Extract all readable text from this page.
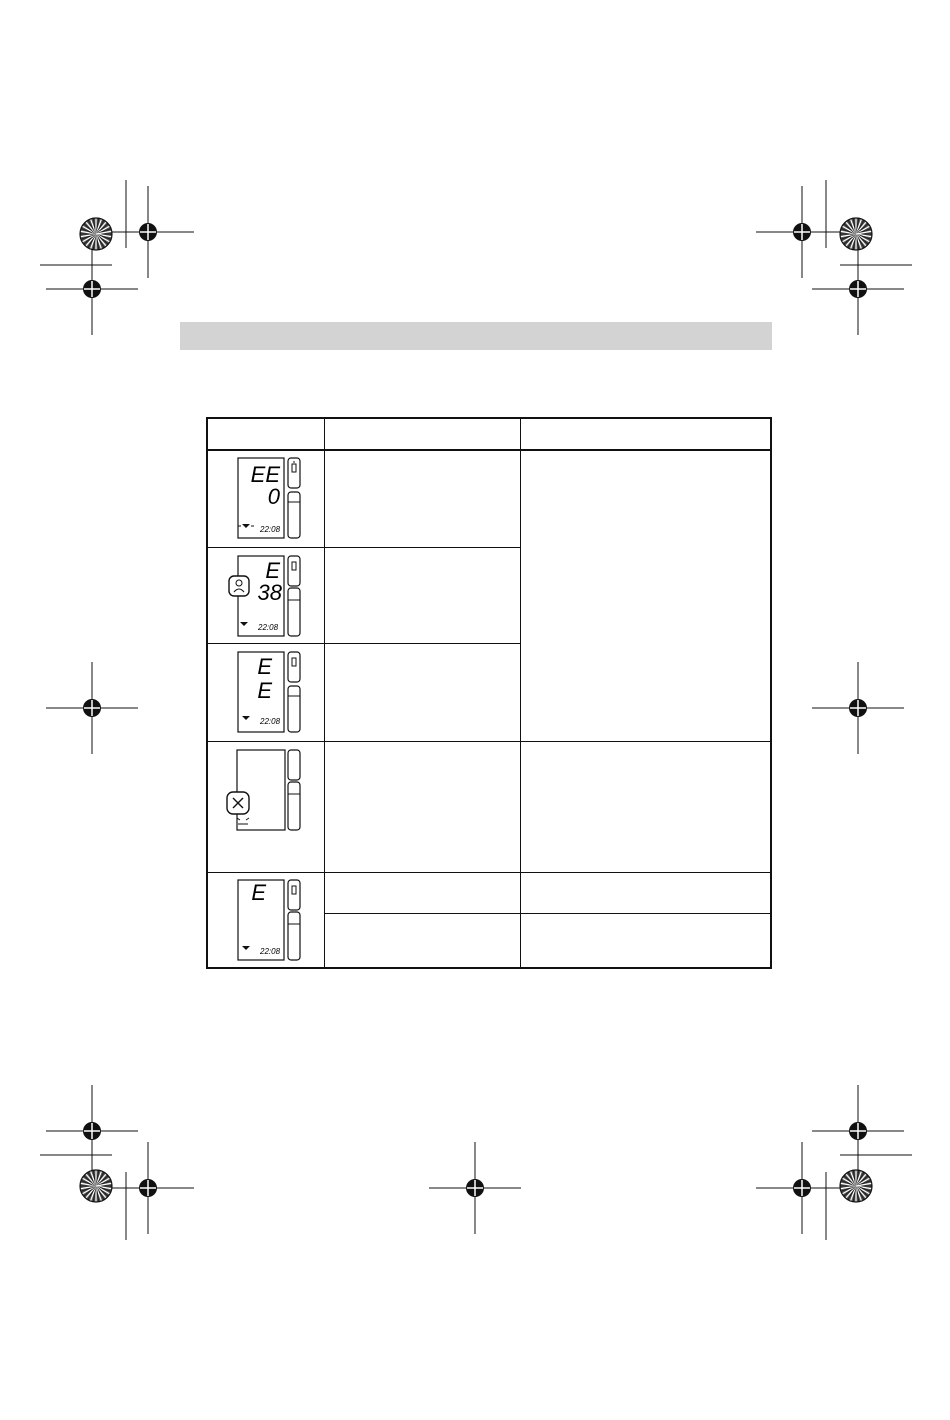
EE
0
22:08
E
38
22:08
E
E
22:08
E
22:08
